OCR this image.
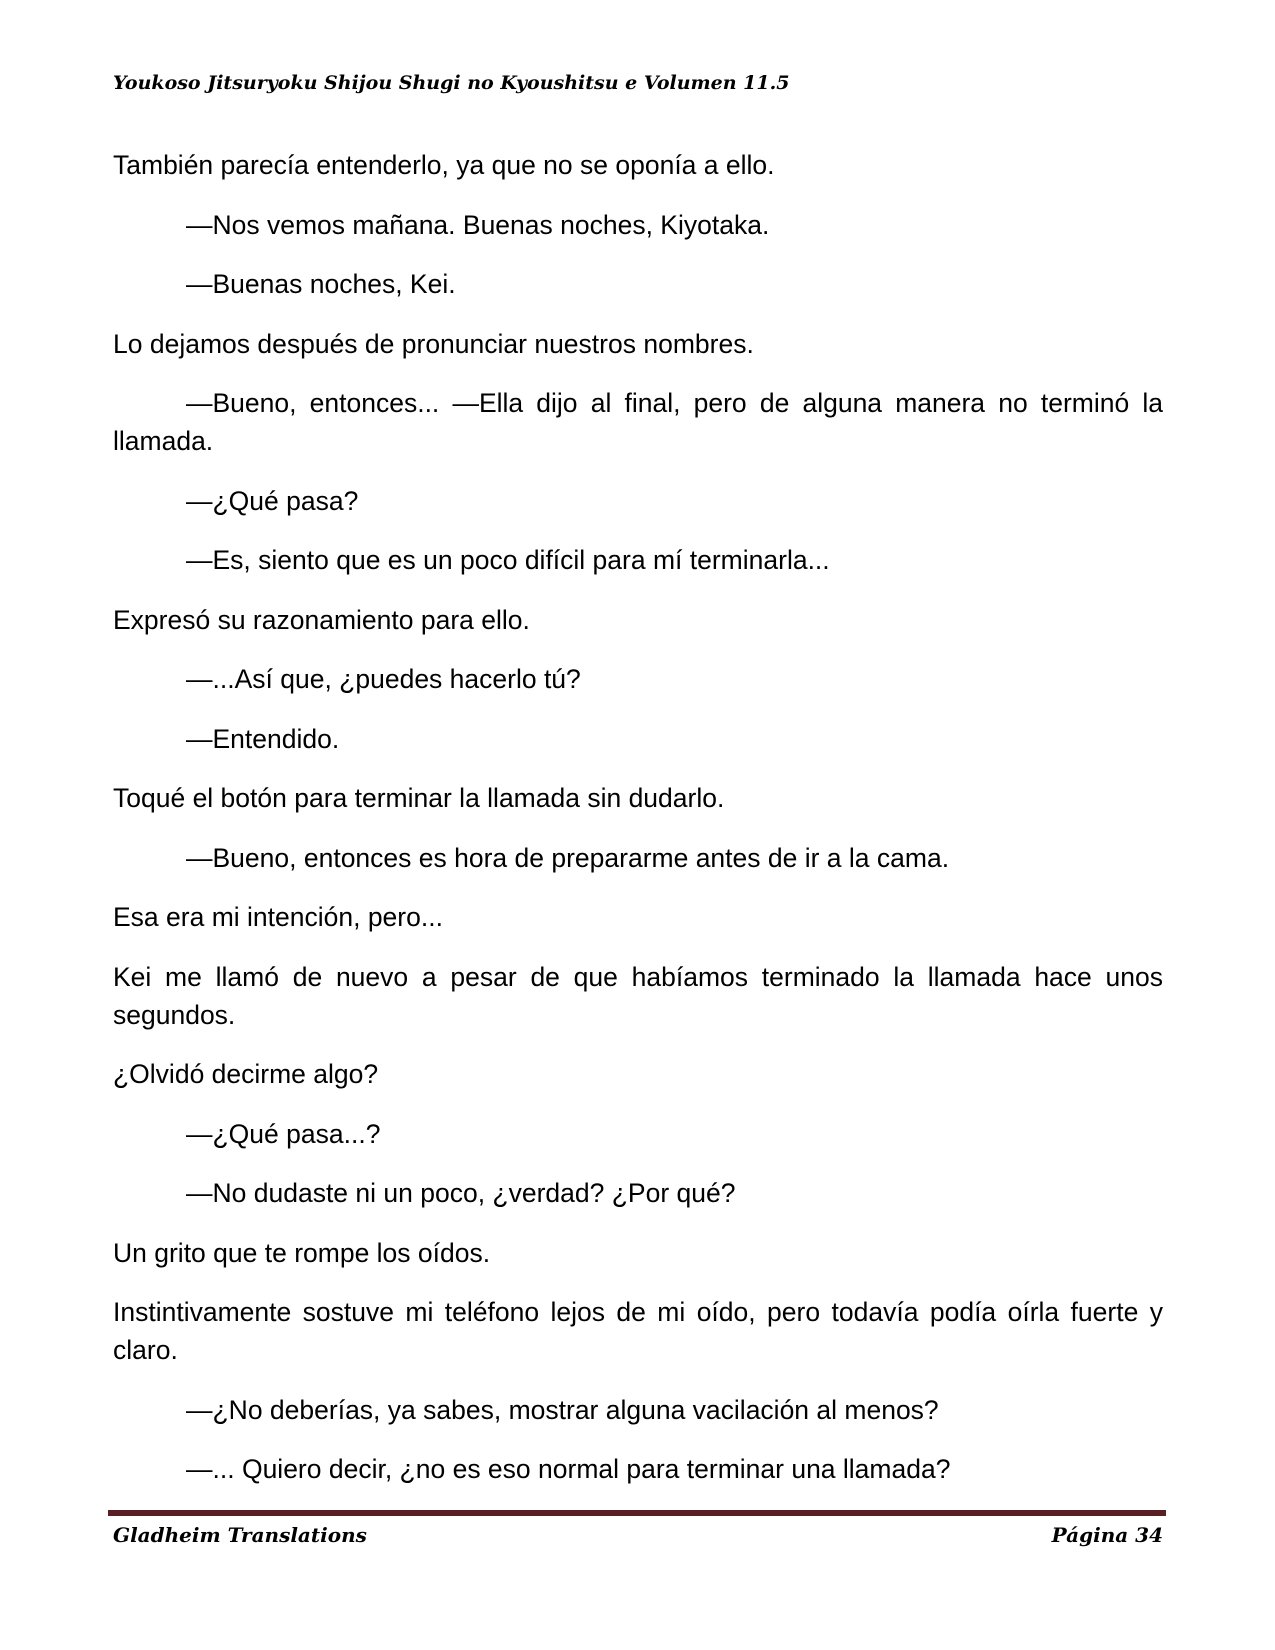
Youkoso Jitsuryoku Shijou Shugi no Kyoushitsu e Volumen 11.5

También parecía entenderlo, ya que no se oponía a ello.

—Nos vemos mañana. Buenas noches, Kiyotaka.

—Buenas noches, Kei.

Lo dejamos después de pronunciar nuestros nombres.

—Bueno, entonces... —Ella dijo al final, pero de alguna manera no terminó la llamada.

—¿Qué pasa?

—Es, siento que es un poco difícil para mí terminarla...

Expresó su razonamiento para ello.

—...Así que, ¿puedes hacerlo tú?

—Entendido.

Toqué el botón para terminar la llamada sin dudarlo.

—Bueno, entonces es hora de prepararme antes de ir a la cama.

Esa era mi intención, pero...

Kei me llamó de nuevo a pesar de que habíamos terminado la llamada hace unos segundos.

¿Olvidó decirme algo?

—¿Qué pasa...?

—No dudaste ni un poco, ¿verdad? ¿Por qué?

Un grito que te rompe los oídos.

Instintivamente sostuve mi teléfono lejos de mi oído, pero todavía podía oírla fuerte y claro.

—¿No deberías, ya sabes, mostrar alguna vacilación al menos?

—... Quiero decir, ¿no es eso normal para terminar una llamada?

Gladheim Translations	Página 34
